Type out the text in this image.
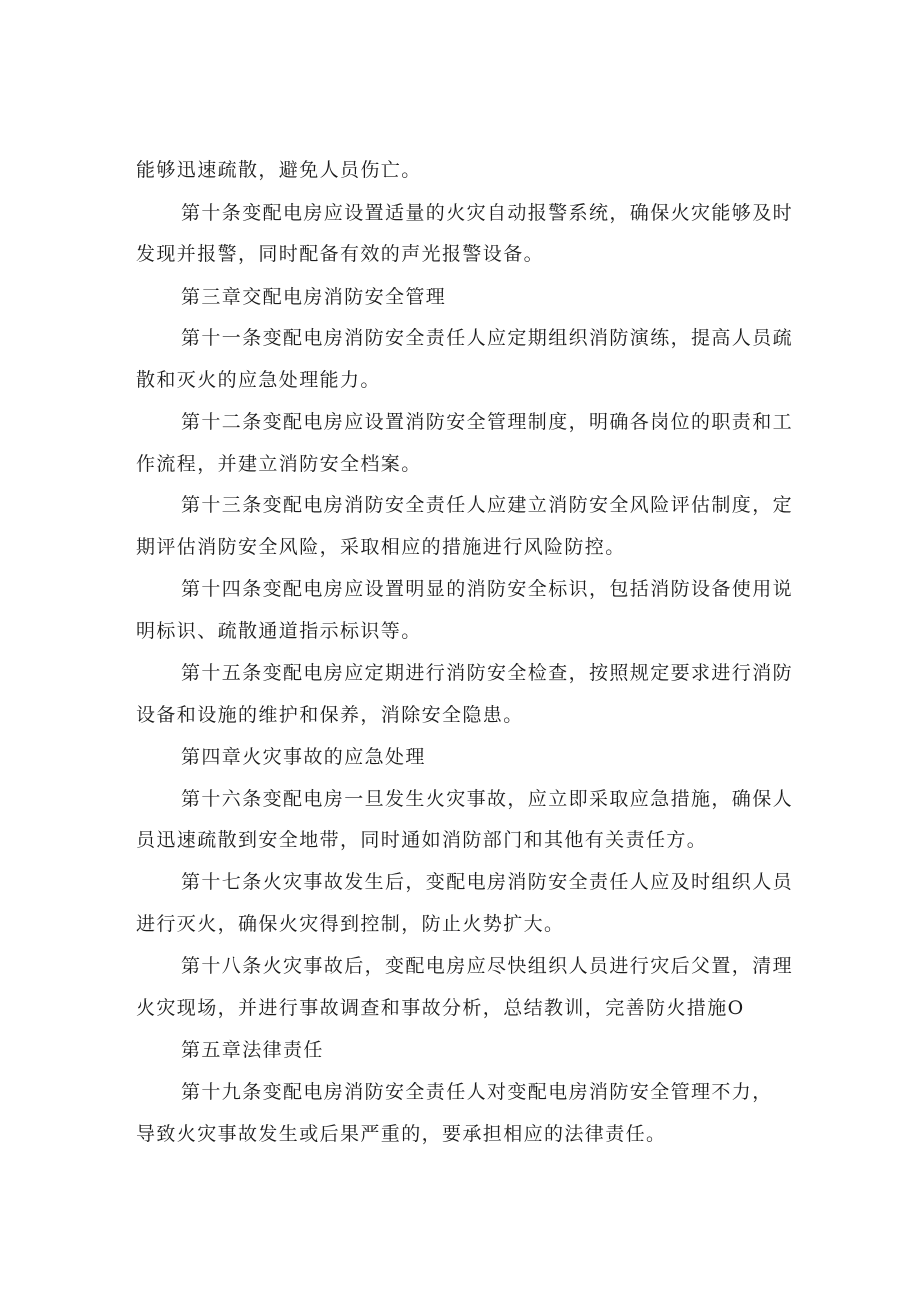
能够迅速疏散，避免人员伤亡。

第十条变配电房应设置适量的火灾自动报警系统，确保火灾能够及时

发现并报警，同时配备有效的声光报警设备。

第三章交配电房消防安全管理

第十一条变配电房消防安全责任人应定期组织消防演练，提高人员疏

散和灭火的应急处理能力。

第十二条变配电房应设置消防安全管理制度，明确各岗位的职责和工

作流程，并建立消防安全档案。

第十三条变配电房消防安全责任人应建立消防安全风险评估制度，定

期评估消防安全风险，采取相应的措施进行风险防控。

第十四条变配电房应设置明显的消防安全标识，包括消防设备使用说

明标识、疏散通道指示标识等。

第十五条变配电房应定期进行消防安全检查，按照规定要求进行消防

设备和设施的维护和保养，消除安全隐患。

第四章火灾事故的应急处理

第十六条变配电房一旦发生火灾事故，应立即采取应急措施，确保人

员迅速疏散到安全地带，同时通如消防部门和其他有关责任方。

第十七条火灾事故发生后，变配电房消防安全责任人应及时组织人员

进行灭火，确保火灾得到控制，防止火势扩大。

第十八条火灾事故后，变配电房应尽快组织人员进行灾后父置，清理

火灾现场，并进行事故调查和事故分析，总结教训，完善防火措施O

第五章法律责任

第十九条变配电房消防安全责任人对变配电房消防安全管理不力，

导致火灾事故发生或后果严重的，要承担相应的法律责任。
